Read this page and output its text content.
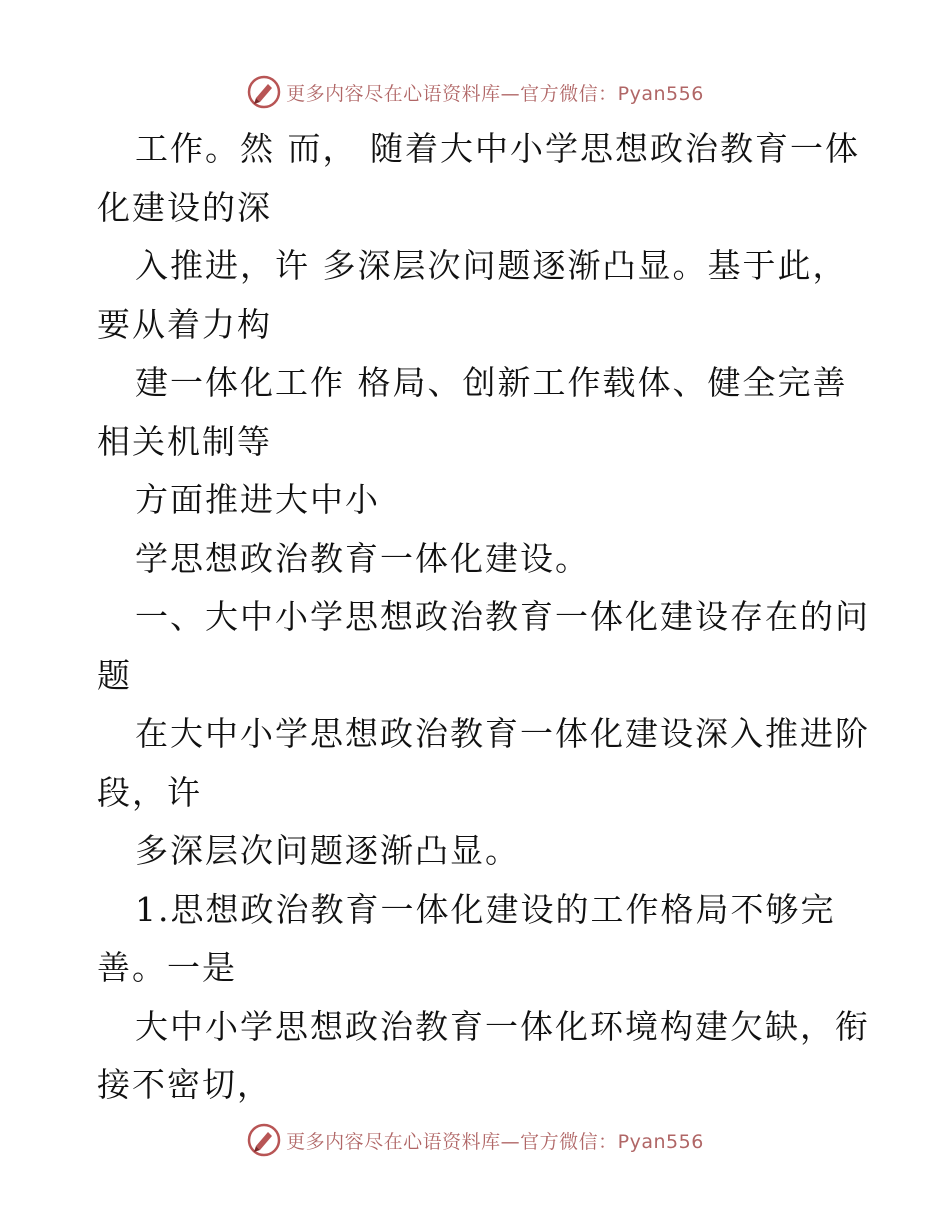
更多内容尽在心语资料库—官方微信：Pyan556
工作。然 而， 随着大中小学思想政治教育一体
化建设的深
入推进，许 多深层次问题逐渐凸显。基于此，
要从着力构
建一体化工作 格局、创新工作载体、健全完善
相关机制等
方面推进大中小
学思想政治教育一体化建设。
一、大中小学思想政治教育一体化建设存在的问
题
在大中小学思想政治教育一体化建设深入推进阶
段，许
多深层次问题逐渐凸显。
1.思想政治教育一体化建设的工作格局不够完
善。一是
大中小学思想政治教育一体化环境构建欠缺，衔
接不密切，
更多内容尽在心语资料库—官方微信：Pyan556
